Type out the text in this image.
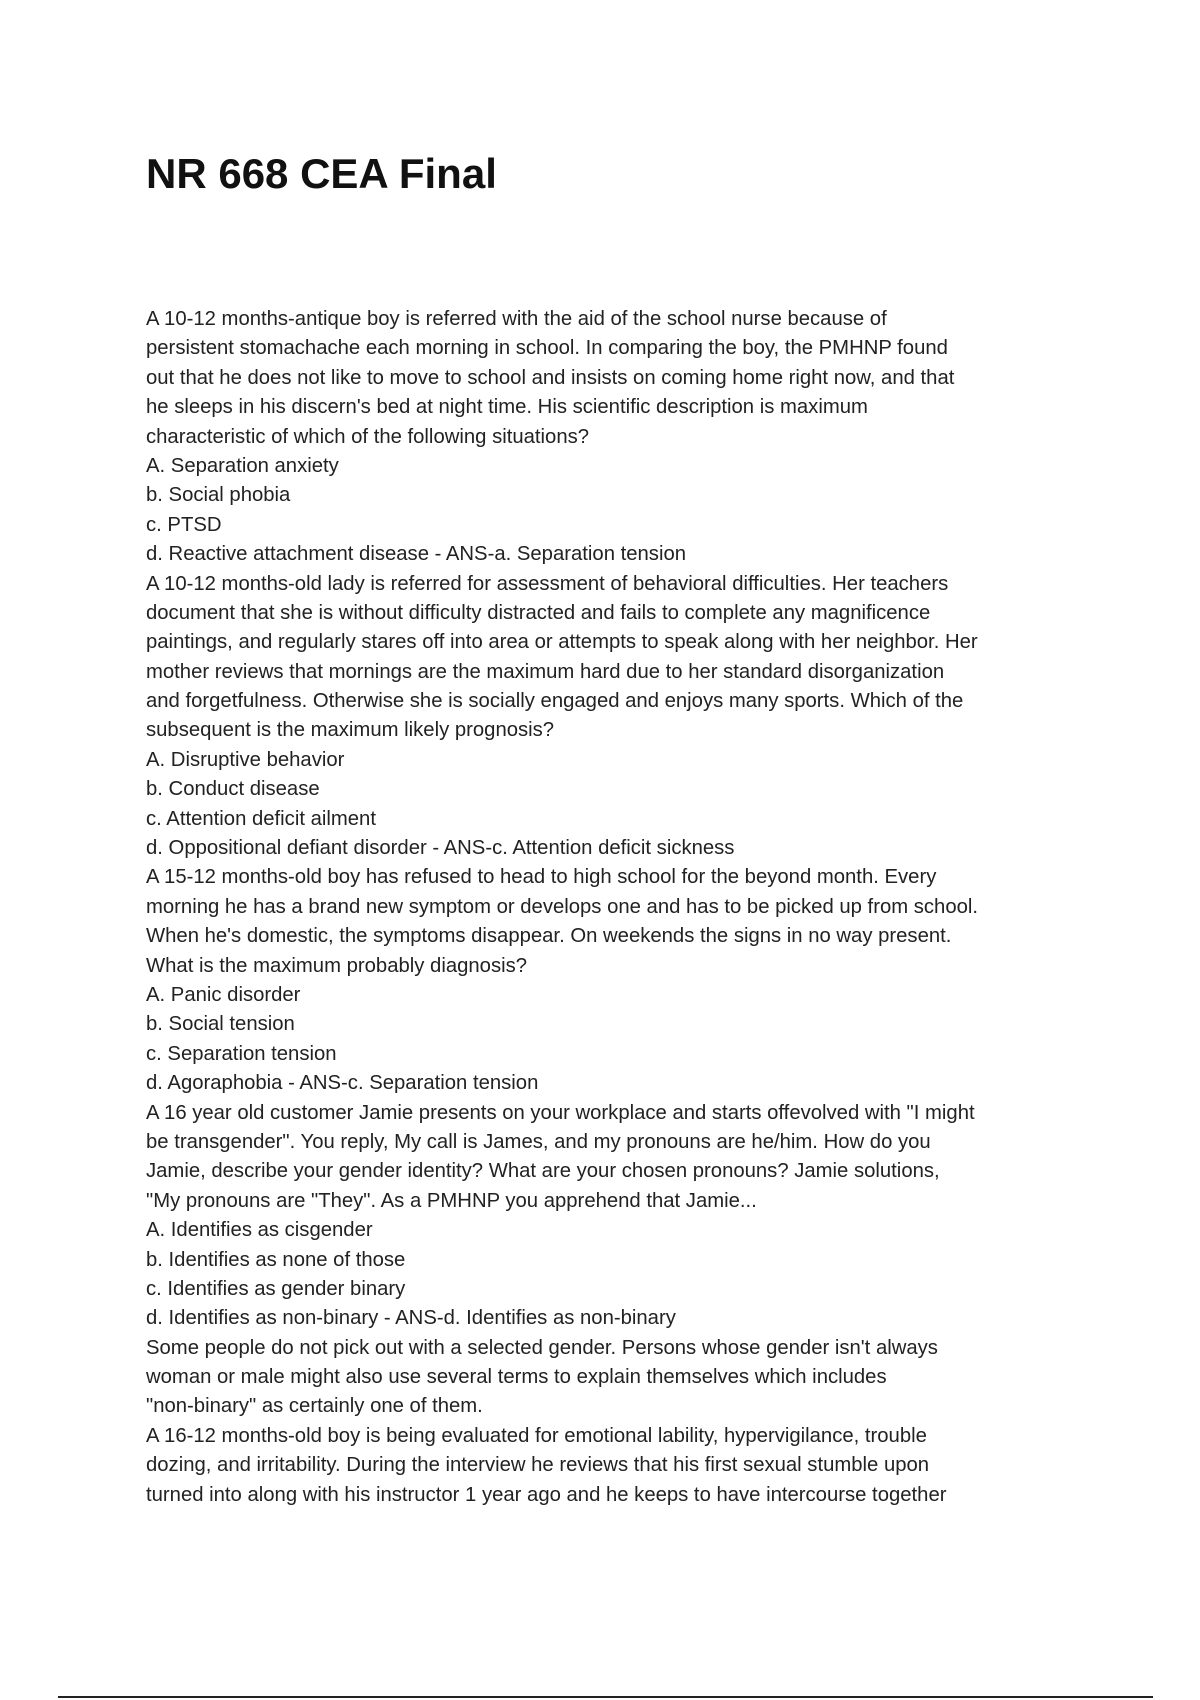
NR 668 CEA Final
A 10-12 months-antique boy is referred with the aid of the school nurse because of
persistent stomachache each morning in school. In comparing the boy, the PMHNP found
out that he does not like to move to school and insists on coming home right now, and that
he sleeps in his discern's bed at night time. His scientific description is maximum
characteristic of which of the following situations?
A. Separation anxiety
b. Social phobia
c. PTSD
d. Reactive attachment disease - ANS-a. Separation tension
A 10-12 months-old lady is referred for assessment of behavioral difficulties. Her teachers
document that she is without difficulty distracted and fails to complete any magnificence
paintings, and regularly stares off into area or attempts to speak along with her neighbor. Her
mother reviews that mornings are the maximum hard due to her standard disorganization
and forgetfulness. Otherwise she is socially engaged and enjoys many sports. Which of the
subsequent is the maximum likely prognosis?
A. Disruptive behavior
b. Conduct disease
c. Attention deficit ailment
d. Oppositional defiant disorder - ANS-c. Attention deficit sickness
A 15-12 months-old boy has refused to head to high school for the beyond month. Every
morning he has a brand new symptom or develops one and has to be picked up from school.
When he's domestic, the symptoms disappear. On weekends the signs in no way present.
What is the maximum probably diagnosis?
A. Panic disorder
b. Social tension
c. Separation tension
d. Agoraphobia - ANS-c. Separation tension
A 16 year old customer Jamie presents on your workplace and starts offevolved with "I might
be transgender". You reply, My call is James, and my pronouns are he/him. How do you
Jamie, describe your gender identity? What are your chosen pronouns? Jamie solutions,
"My pronouns are "They". As a PMHNP you apprehend that Jamie...
A. Identifies as cisgender
b. Identifies as none of those
c. Identifies as gender binary
d. Identifies as non-binary - ANS-d. Identifies as non-binary
Some people do not pick out with a selected gender. Persons whose gender isn't always
woman or male might also use several terms to explain themselves which includes
"non-binary" as certainly one of them.
A 16-12 months-old boy is being evaluated for emotional lability, hypervigilance, trouble
dozing, and irritability. During the interview he reviews that his first sexual stumble upon
turned into along with his instructor 1 year ago and he keeps to have intercourse together
